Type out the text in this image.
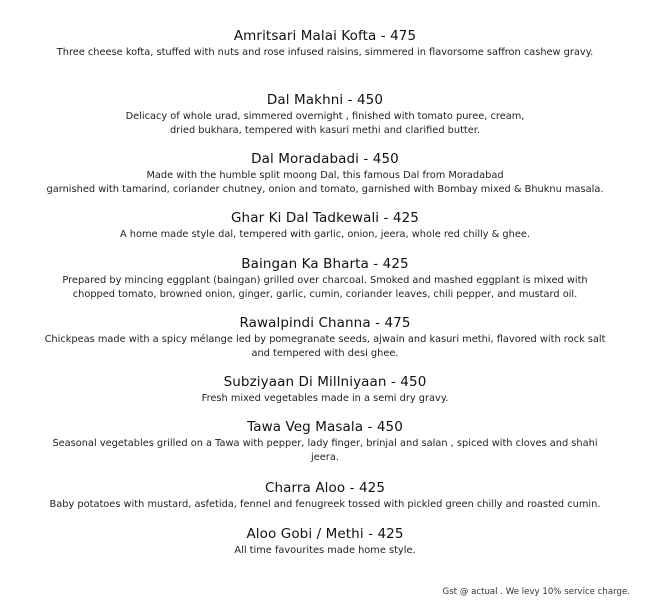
Amritsari Malai Kofta - 475
Three cheese kofta, stuffed with nuts and rose infused raisins, simmered in flavorsome saffron cashew gravy.
Dal Makhni - 450
Delicacy of whole urad, simmered overnight , finished with tomato puree, cream,
dried bukhara, tempered with kasuri methi and clarified butter.
Dal Moradabadi - 450
Made with the humble split moong Dal, this famous Dal from Moradabad
garnished with tamarind, coriander chutney, onion and tomato, garnished with Bombay mixed & Bhuknu masala.
Ghar Ki Dal Tadkewali - 425
A home made style dal, tempered with garlic, onion, jeera, whole red chilly & ghee.
Baingan Ka Bharta - 425
Prepared by mincing eggplant (baingan) grilled over charcoal. Smoked and mashed eggplant is mixed with
chopped tomato, browned onion, ginger, garlic, cumin, coriander leaves, chili pepper, and mustard oil.
Rawalpindi Channa - 475
Chickpeas made with a spicy mélange led by pomegranate seeds, ajwain and kasuri methi, flavored with rock salt
and tempered with desi ghee.
Subziyaan Di Millniyaan - 450
Fresh mixed vegetables made in a semi dry gravy.
Tawa Veg Masala - 450
Seasonal vegetables grilled on a Tawa with pepper, lady finger, brinjal and salan , spiced with cloves and shahi
jeera.
Charra Aloo - 425
Baby potatoes with mustard, asfetida, fennel and fenugreek tossed with pickled green chilly and roasted cumin.
Aloo Gobi / Methi - 425
All time favourites made home style.
Gst @ actual . We levy 10% service charge.
